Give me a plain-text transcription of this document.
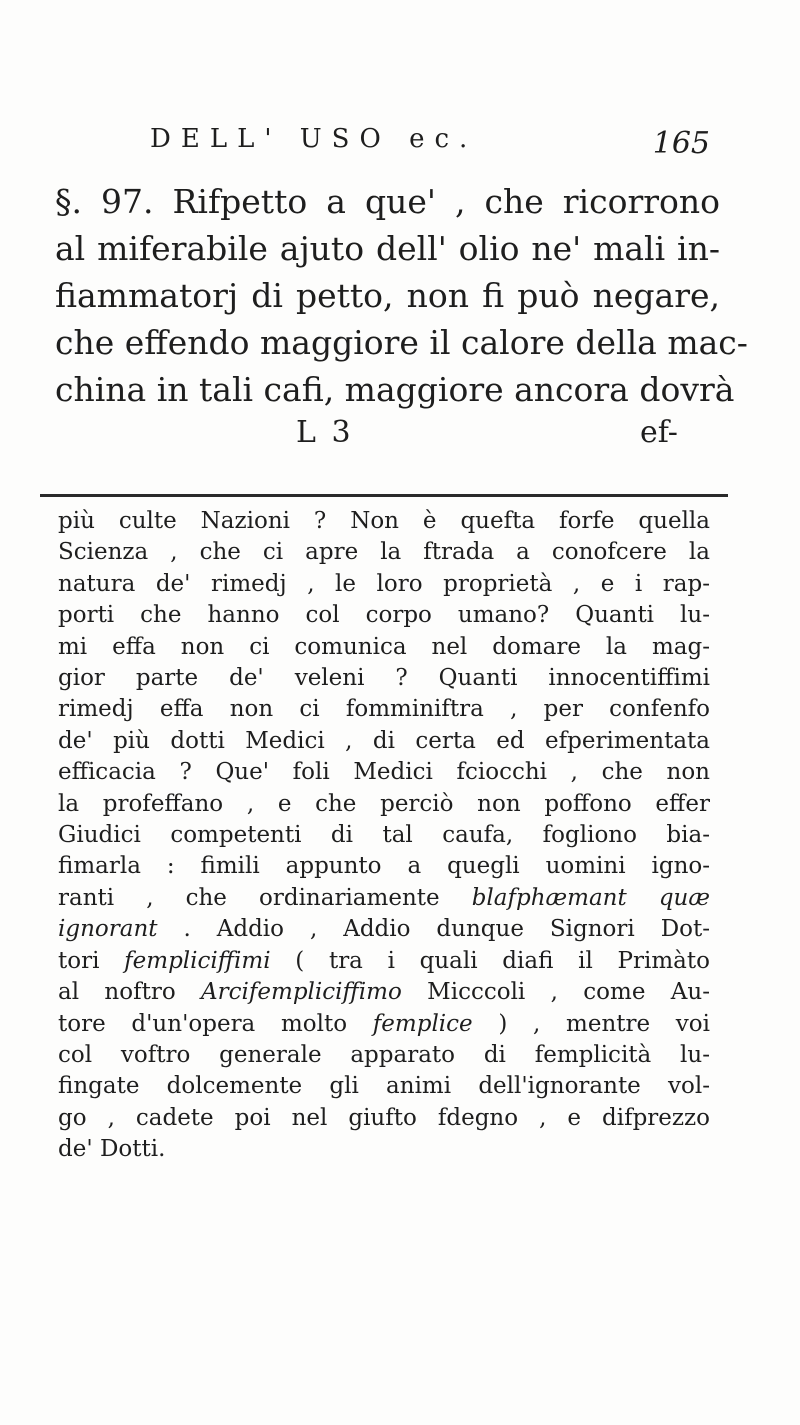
DELL' USO ec.	165
§. 97. Rifpetto a que' , che ricorrono
al miferabile ajuto dell' olio ne' mali in-
fiammatorj di petto, non fi può negare,
che effendo maggiore il calore della mac-
china in tali cafi, maggiore ancora dovrà
L 3	ef-
più culte Nazioni ? Non è quefta forfe quella
Scienza , che ci apre la ftrada a conofcere la
natura de' rimedj , le loro proprietà , e i rap-
porti che hanno col corpo umano? Quanti lu-
mi effa non ci comunica nel domare la mag-
gior parte de' veleni ? Quanti innocentiffimi
rimedj effa non ci fomminiftra , per confenfo
de' più dotti Medici , di certa ed efperimentata
efficacia ? Que' foli Medici fciocchi , che non
la profeffano , e che perciò non poffono effer
Giudici competenti di tal caufa, fogliono bia-
fimarla : fimili appunto a quegli uomini igno-
ranti , che ordinariamente blafphæmant quæ
ignorant . Addio , Addio dunque Signori Dot-
tori fempliciffimi ( tra i quali diafi il Primàto
al noftro Arcifempliciffimo Micccoli , come Au-
tore d'un'opera molto femplice ) , mentre voi
col voftro generale apparato di femplicità lu-
fingate dolcemente gli animi dell'ignorante vol-
go , cadete poi nel giufto fdegno , e difprezzo
de' Dotti.
